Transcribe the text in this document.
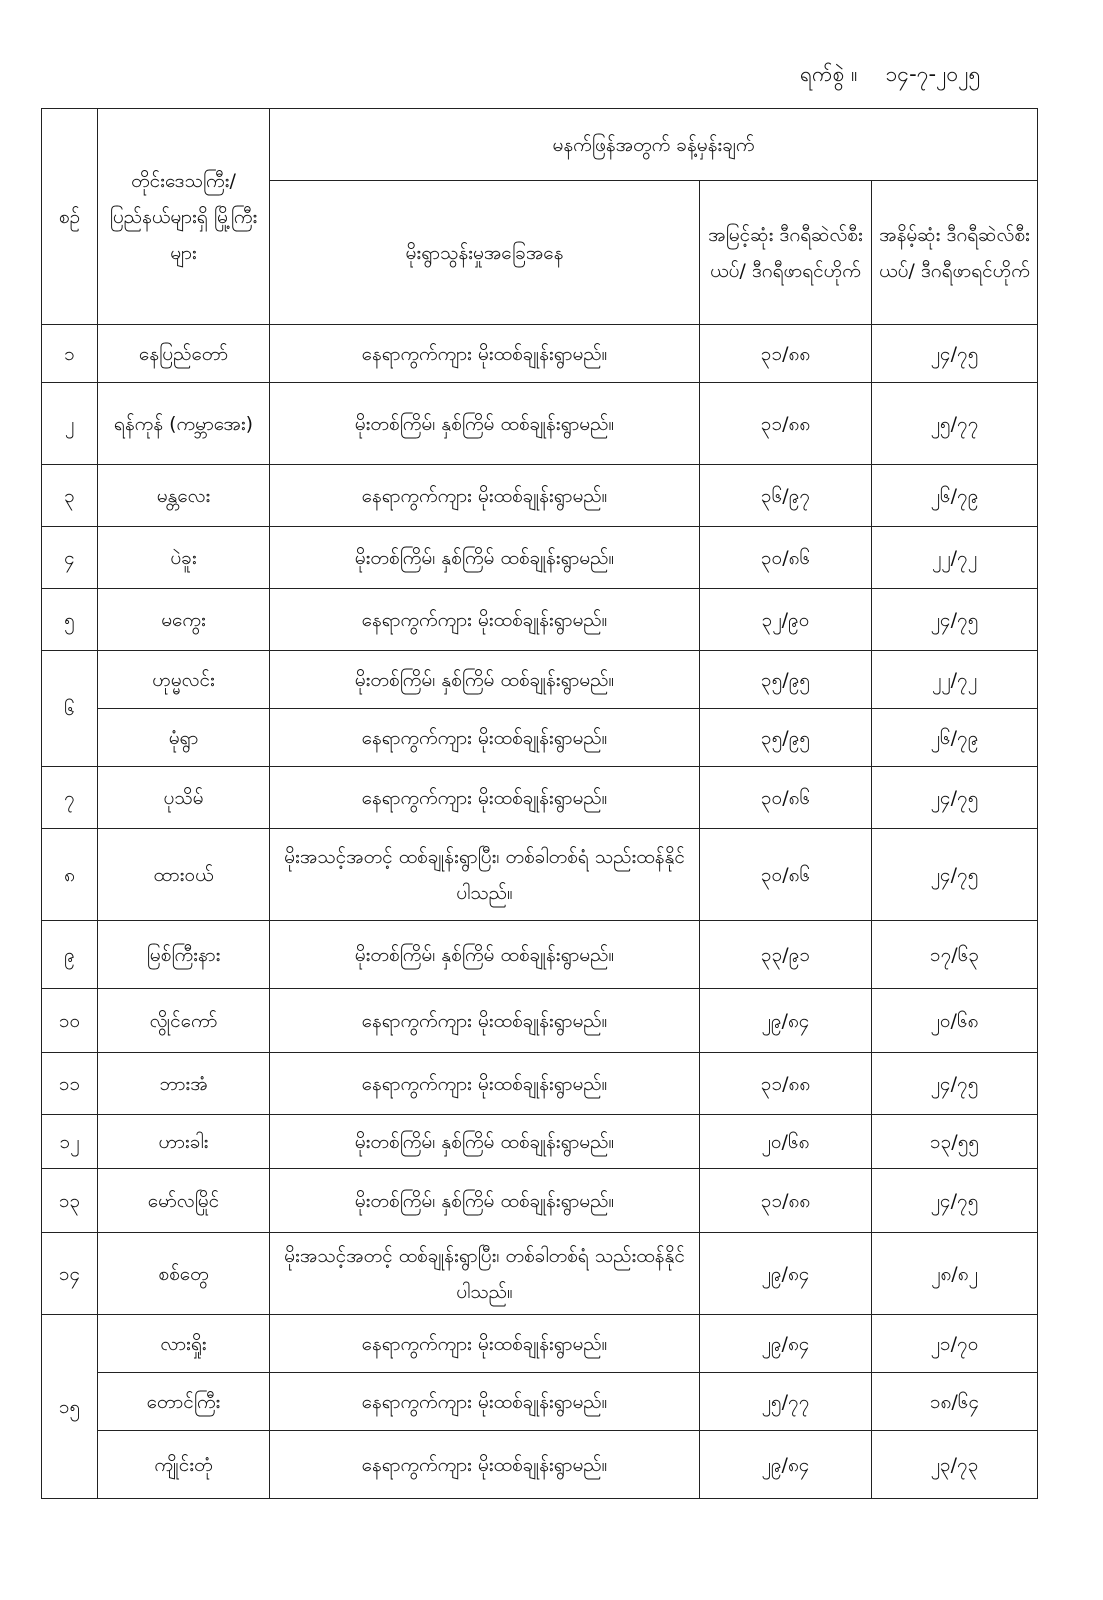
ရက်စွဲ ။ ၁၄-၇-၂၀၂၅
စဉ်	တိုင်းဒေသကြီး/ ပြည်နယ်များရှိ မြို့ကြီးများ	မနက်ဖြန်အတွက် ခန့်မှန်းချက်		
		မိုးရွာသွန်းမှုအခြေအနေ	အမြင့်ဆုံး ဒီဂရီဆဲလ်စီးယပ်/ ဒီဂရီဖာရင်ဟိုက်	အနိမ့်ဆုံး ဒီဂရီဆဲလ်စီးယပ်/ ဒီဂရီဖာရင်ဟိုက်
၁	နေပြည်တော်	နေရာကွက်ကျား မိုးထစ်ချုန်းရွာမည်။	၃၁/၈၈	၂၄/၇၅
၂	ရန်ကုန် (ကမ္ဘာအေး)	မိုးတစ်ကြိမ်၊ နှစ်ကြိမ် ထစ်ချုန်းရွာမည်။	၃၁/၈၈	၂၅/၇၇
၃	မန္တလေး	နေရာကွက်ကျား မိုးထစ်ချုန်းရွာမည်။	၃၆/၉၇	၂၆/၇၉
၄	ပဲခူး	မိုးတစ်ကြိမ်၊ နှစ်ကြိမ် ထစ်ချုန်းရွာမည်။	၃၀/၈၆	၂၂/၇၂
၅	မကွေး	နေရာကွက်ကျား မိုးထစ်ချုန်းရွာမည်။	၃၂/၉၀	၂၄/၇၅
၆	ဟုမ္မလင်း	မိုးတစ်ကြိမ်၊ နှစ်ကြိမ် ထစ်ချုန်းရွာမည်။	၃၅/၉၅	၂၂/၇၂
	မုံရွာ	နေရာကွက်ကျား မိုးထစ်ချုန်းရွာမည်။	၃၅/၉၅	၂၆/၇၉
၇	ပုသိမ်	နေရာကွက်ကျား မိုးထစ်ချုန်းရွာမည်။	၃၀/၈၆	၂၄/၇၅
၈	ထားဝယ်	မိုးအသင့်အတင့် ထစ်ချုန်းရွာပြီး၊ တစ်ခါတစ်ရံ သည်းထန်နိုင်ပါသည်။	၃၀/၈၆	၂၄/၇၅
၉	မြစ်ကြီးနား	မိုးတစ်ကြိမ်၊ နှစ်ကြိမ် ထစ်ချုန်းရွာမည်။	၃၃/၉၁	၁၇/၆၃
၁၀	လွိုင်ကော်	နေရာကွက်ကျား မိုးထစ်ချုန်းရွာမည်။	၂၉/၈၄	၂၀/၆၈
၁၁	ဘားအံ	နေရာကွက်ကျား မိုးထစ်ချုန်းရွာမည်။	၃၁/၈၈	၂၄/၇၅
၁၂	ဟားခါး	မိုးတစ်ကြိမ်၊ နှစ်ကြိမ် ထစ်ချုန်းရွာမည်။	၂၀/၆၈	၁၃/၅၅
၁၃	မော်လမြိုင်	မိုးတစ်ကြိမ်၊ နှစ်ကြိမ် ထစ်ချုန်းရွာမည်။	၃၁/၈၈	၂၄/၇၅
၁၄	စစ်တွေ	မိုးအသင့်အတင့် ထစ်ချုန်းရွာပြီး၊ တစ်ခါတစ်ရံ သည်းထန်နိုင်ပါသည်။	၂၉/၈၄	၂၈/၈၂
၁၅	လားရှိုး	နေရာကွက်ကျား မိုးထစ်ချုန်းရွာမည်။	၂၉/၈၄	၂၁/၇၀
	တောင်ကြီး	နေရာကွက်ကျား မိုးထစ်ချုန်းရွာမည်။	၂၅/၇၇	၁၈/၆၄
	ကျိုင်းတုံ	နေရာကွက်ကျား မိုးထစ်ချုန်းရွာမည်။	၂၉/၈၄	၂၃/၇၃
